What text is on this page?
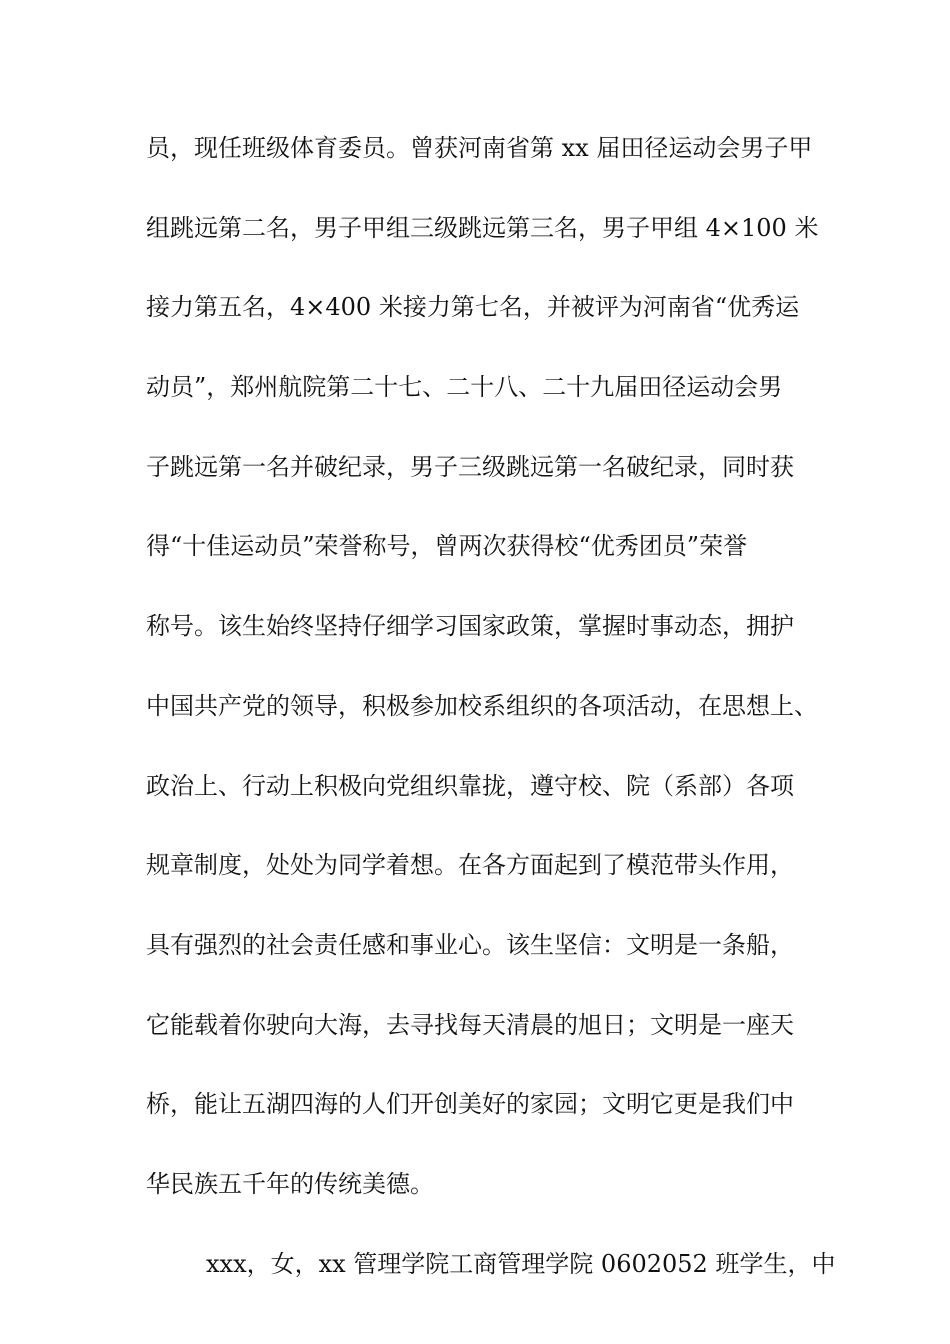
员，现任班级体育委员。曾获河南省第 xx 届田径运动会男子甲
组跳远第二名，男子甲组三级跳远第三名，男子甲组 4×100 米
接力第五名，4×400 米接力第七名，并被评为河南省“优秀运
动员”，郑州航院第二十七、二十八、二十九届田径运动会男
子跳远第一名并破纪录，男子三级跳远第一名破纪录，同时获
得“十佳运动员”荣誉称号，曾两次获得校“优秀团员”荣誉
称号。该生始终坚持仔细学习国家政策，掌握时事动态，拥护
中国共产党的领导，积极参加校系组织的各项活动，在思想上、
政治上、行动上积极向党组织靠拢，遵守校、院（系部）各项
规章制度，处处为同学着想。在各方面起到了模范带头作用，
具有强烈的社会责任感和事业心。该生坚信：文明是一条船，
它能载着你驶向大海，去寻找每天清晨的旭日；文明是一座天
桥，能让五湖四海的人们开创美好的家园；文明它更是我们中
华民族五千年的传统美德。
xxx，女，xx 管理学院工商管理学院 0602052 班学生，中
